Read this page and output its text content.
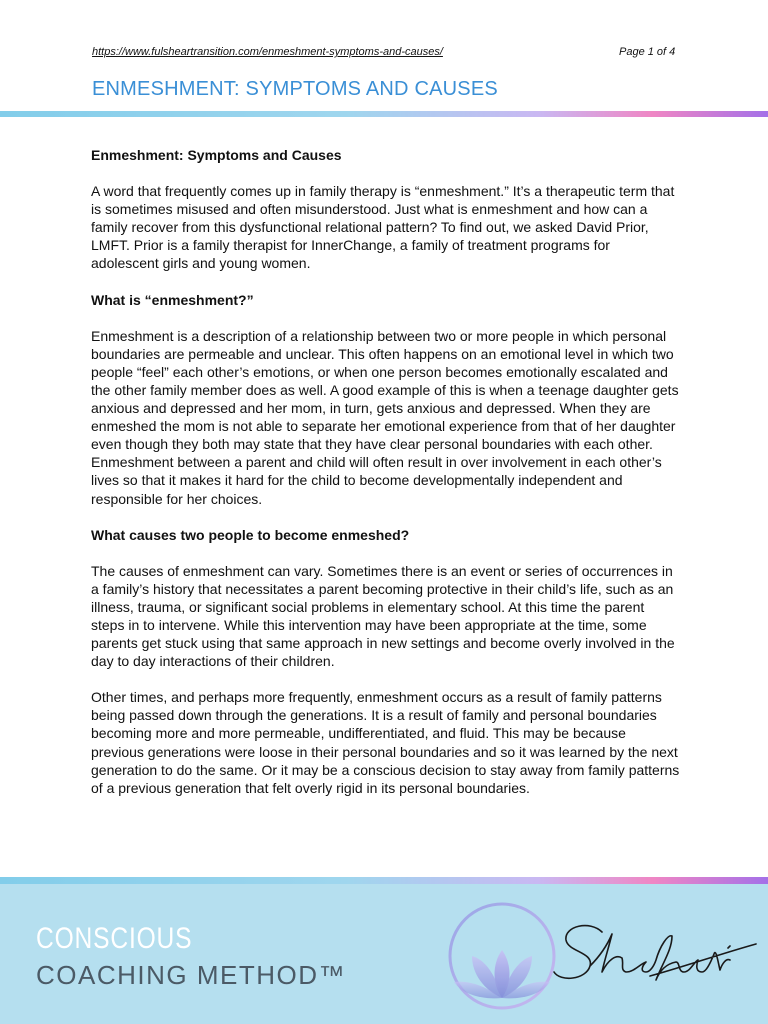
https://www.fulsheartransition.com/enmeshment-symptoms-and-causes/	Page 1 of 4
ENMESHMENT: SYMPTOMS AND CAUSES
Enmeshment: Symptoms and Causes

A word that frequently comes up in family therapy is “enmeshment.” It’s a therapeutic term that is sometimes misused and often misunderstood. Just what is enmeshment and how can a family recover from this dysfunctional relational pattern? To find out, we asked David Prior, LMFT. Prior is a family therapist for InnerChange, a family of treatment programs for adolescent girls and young women.

What is “enmeshment?”

Enmeshment is a description of a relationship between two or more people in which personal boundaries are permeable and unclear. This often happens on an emotional level in which two people “feel” each other’s emotions, or when one person becomes emotionally escalated and the other family member does as well. A good example of this is when a teenage daughter gets anxious and depressed and her mom, in turn, gets anxious and depressed. When they are enmeshed the mom is not able to separate her emotional experience from that of her daughter even though they both may state that they have clear personal boundaries with each other. Enmeshment between a parent and child will often result in over involvement in each other’s lives so that it makes it hard for the child to become developmentally independent and responsible for her choices.

What causes two people to become enmeshed?

The causes of enmeshment can vary. Sometimes there is an event or series of occurrences in a family’s history that necessitates a parent becoming protective in their child’s life, such as an illness, trauma, or significant social problems in elementary school. At this time the parent steps in to intervene. While this intervention may have been appropriate at the time, some parents get stuck using that same approach in new settings and become overly involved in the day to day interactions of their children.

Other times, and perhaps more frequently, enmeshment occurs as a result of family patterns being passed down through the generations. It is a result of family and personal boundaries becoming more and more permeable, undifferentiated, and fluid. This may be because previous generations were loose in their personal boundaries and so it was learned by the next generation to do the same. Or it may be a conscious decision to stay away from family patterns of a previous generation that felt overly rigid in its personal boundaries.

CONSCIOUS
COACHING METHOD™
